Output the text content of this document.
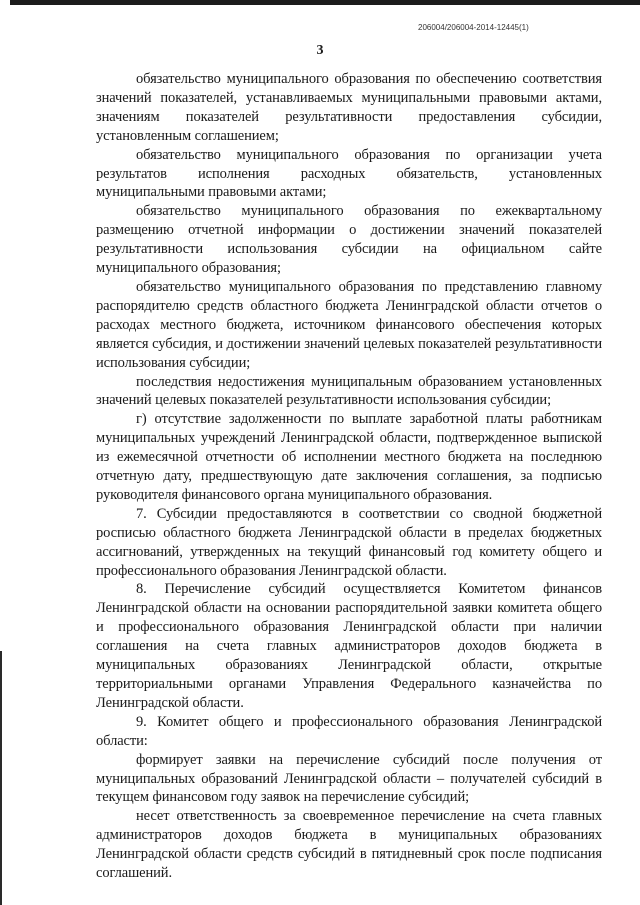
206004/206004-2014-12445(1)
3

обязательство муниципального образования по обеспечению соответствия значений показателей, устанавливаемых муниципальными правовыми актами, значениям показателей результативности предоставления субсидии, установленным соглашением;

обязательство муниципального образования по организации учета результатов исполнения расходных обязательств, установленных муниципальными правовыми актами;

обязательство муниципального образования по ежеквартальному размещению отчетной информации о достижении значений показателей результативности использования субсидии на официальном сайте муниципального образования;

обязательство муниципального образования по представлению главному распорядителю средств областного бюджета Ленинградской области отчетов о расходах местного бюджета, источником финансового обеспечения которых является субсидия, и достижении значений целевых показателей результативности использования субсидии;

последствия недостижения муниципальным образованием установленных значений целевых показателей результативности использования субсидии;

г) отсутствие задолженности по выплате заработной платы работникам муниципальных учреждений Ленинградской области, подтвержденное выпиской из ежемесячной отчетности об исполнении местного бюджета на последнюю отчетную дату, предшествующую дате заключения соглашения, за подписью руководителя финансового органа муниципального образования.

7. Субсидии предоставляются в соответствии со сводной бюджетной росписью областного бюджета Ленинградской области в пределах бюджетных ассигнований, утвержденных на текущий финансовый год комитету общего и профессионального образования Ленинградской области.

8. Перечисление субсидий осуществляется Комитетом финансов Ленинградской области на основании распорядительной заявки комитета общего и профессионального образования Ленинградской области при наличии соглашения на счета главных администраторов доходов бюджета в муниципальных образованиях Ленинградской области, открытые территориальными органами Управления Федерального казначейства по Ленинградской области.

9. Комитет общего и профессионального образования Ленинградской области:

формирует заявки на перечисление субсидий после получения от муниципальных образований Ленинградской области – получателей субсидий в текущем финансовом году заявок на перечисление субсидий;

несет ответственность за своевременное перечисление на счета главных администраторов доходов бюджета в муниципальных образованиях Ленинградской области средств субсидий в пятидневный срок после подписания соглашений.
